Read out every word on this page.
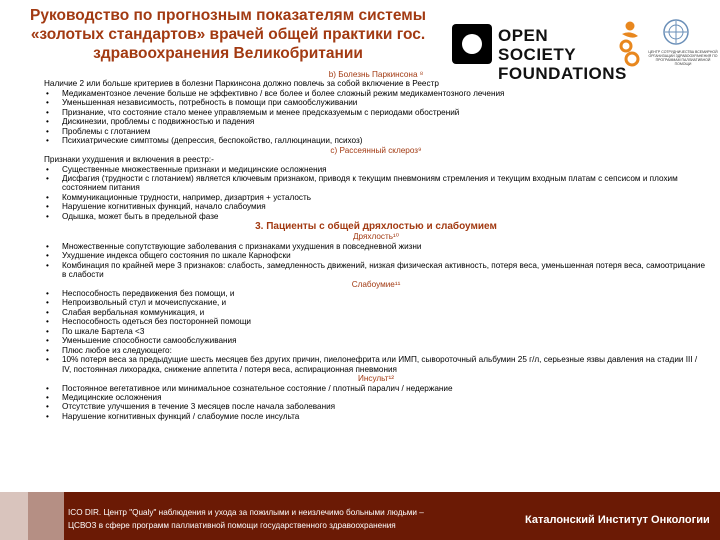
Руководство по прогнозным показателям системы
«золотых стандартов» врачей общей практики гос.
здравоохранения Великобритании
OPEN SOCIETY
FOUNDATIONS
ЦЕНТР СОТРУДНИЧЕСТВА ВСЕМИРНОЙ ОРГАНИЗАЦИИ ЗДРАВООХРАНЕНИЯ ПО ПРОГРАММАМ ПАЛЛИАТИВНОЙ ПОМОЩИ

b) Болезнь Паркинсона ⁸

Наличие 2 или больше критериев в болезни Паркинсона должно повлечь за собой включение в Реестр

• Медикаментозное лечение больше не эффективно / все более и более сложный режим медикаментозного лечения
• Уменьшенная независимость, потребность в помощи при самообслуживании
• Признание, что состояние стало менее управляемым и менее предсказуемым с периодами обострений
• Дискинезии, проблемы с подвижностью и падения
• Проблемы с глотанием
• Психиатрические симптомы (депрессия, беспокойство, галлюцинации, психоз)

c) Рассеянный склероз⁹

Признаки ухудшения и включения в реестр:-

• Существенные множественные признаки и медицинские осложнения
• Дисфагия (трудности с глотанием) является ключевым признаком, приводя к текущим пневмониям стремления и текущим входным платам с сепсисом и плохим состоянием питания
• Коммуникационные трудности, например, дизартрия + усталость
• Нарушение когнитивных функций, начало слабоумия
• Одышка, может быть в предельной фазе

3. Пациенты с общей дряхлостью и слабоумием

Дряхлость¹⁰

• Множественные сопутствующие заболевания с признаками ухудшения в повседневной жизни
• Ухудшение индекса общего состояния по шкале Карнофски
• Комбинация по крайней мере 3 признаков: слабость, замедленность движений, низкая физическая активность, потеря веса, уменьшенная потеря веса, самоотрицание в слабости

Слабоумие¹¹

• Неспособность передвижения без помощи, и
• Непроизвольный стул и мочеиспускание, и
• Слабая вербальная коммуникация, и
• Неспособность одеться без посторонней помощи
• По шкале Бартела <3
• Уменьшение способности самообслуживания
• Плюс любое из следующего:
• 10% потеря веса за предыдущие шесть месяцев без других причин, пиелонефрита или ИМП, сывороточный альбумин 25 г/л, серьезные язвы давления на стадии III / IV, постоянная лихорадка, снижение аппетита / потеря веса, аспирационная пневмония

Инсульт¹²

• Постоянное вегетативное или минимальное сознательное состояние / плотный паралич / недержание
• Медицинские осложнения
• Отсутствие улучшения в течение 3 месяцев после начала заболевания
• Нарушение когнитивных функций / слабоумие после инсульта
ICO DIR. Центр "Qualy" наблюдения и ухода за пожилыми и неизлечимо больными людьми –
ЦСВОЗ в сфере программ паллиативной помощи государственного здравоохранения	Каталонский Институт Онкологии
